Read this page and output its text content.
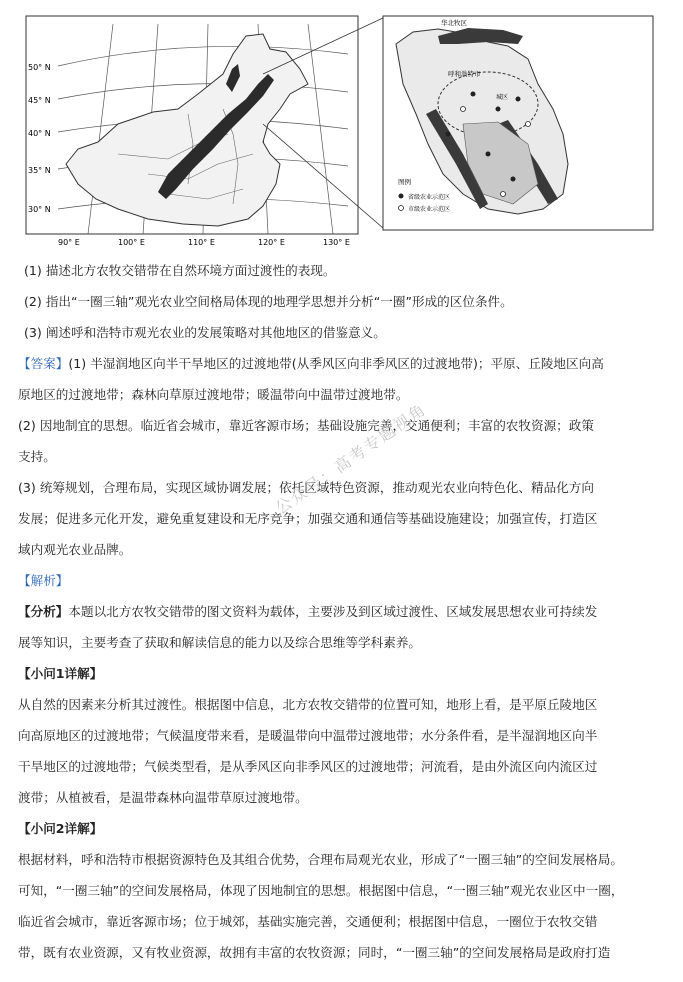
50° N
45° N
40° N
35° N
30° N
90° E	100° E	110° E	120° E	130° E
华北牧区
呼和浩特市
城区
图例
省级农业示范区
市级农业示范区
(1) 描述北方农牧交错带在自然环境方面过渡性的表现。
(2) 指出“一圈三轴”观光农业空间格局体现的地理学思想并分析“一圈”形成的区位条件。
(3) 阐述呼和浩特市观光农业的发展策略对其他地区的借鉴意义。
【答案】(1) 半湿润地区向半干旱地区的过渡地带(从季风区向非季风区的过渡地带)；平原、丘陵地区向高
原地区的过渡地带；森林向草原过渡地带；暖温带向中温带过渡地带。
(2) 因地制宜的思想。临近省会城市，靠近客源市场；基础设施完善，交通便利；丰富的农牧资源；政策
支持。
(3) 统筹规划，合理布局，实现区域协调发展；依托区域特色资源，推动观光农业向特色化、精品化方向
发展；促进多元化开发，避免重复建设和无序竞争；加强交通和通信等基础设施建设；加强宣传，打造区
域内观光农业品牌。
【解析】
【分析】本题以北方农牧交错带的图文资料为载体，主要涉及到区域过渡性、区域发展思想农业可持续发
展等知识，主要考查了获取和解读信息的能力以及综合思维等学科素养。
【小问1详解】
从自然的因素来分析其过渡性。根据图中信息，北方农牧交错带的位置可知，地形上看，是平原丘陵地区
向高原地区的过渡地带；气候温度带来看，是暖温带向中温带过渡地带；水分条件看，是半湿润地区向半
干旱地区的过渡地带；气候类型看，是从季风区向非季风区的过渡地带；河流看，是由外流区向内流区过
渡带；从植被看，是温带森林向温带草原过渡地带。
【小问2详解】
根据材料，呼和浩特市根据资源特色及其组合优势，合理布局观光农业，形成了“一圈三轴”的空间发展格局。
可知，“一圈三轴”的空间发展格局，体现了因地制宜的思想。根据图中信息，“一圈三轴”观光农业区中一圈，
临近省会城市，靠近客源市场；位于城郊，基础实施完善，交通便利；根据图中信息，一圈位于农牧交错
带，既有农业资源，又有牧业资源，故拥有丰富的农牧资源；同时，“一圈三轴”的空间发展格局是政府打造
公众号：高考专题视角
